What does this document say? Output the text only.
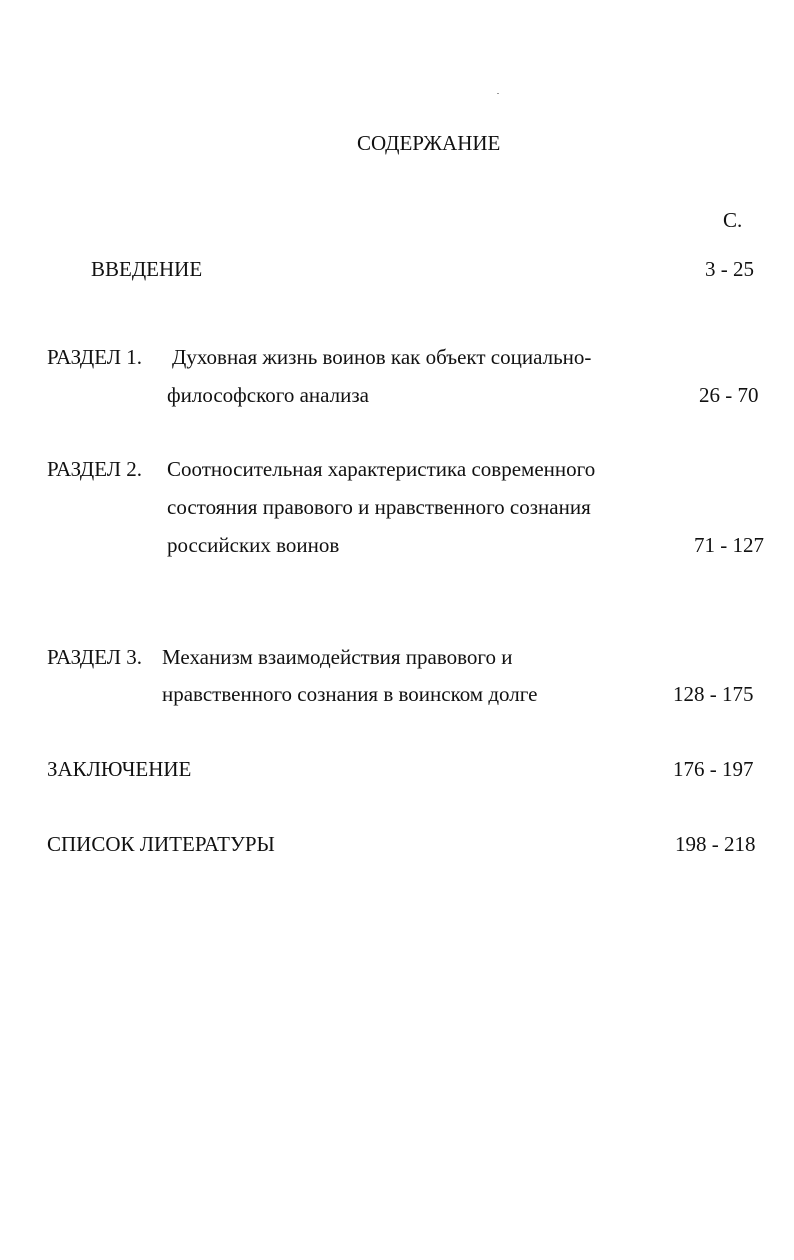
СОДЕРЖАНИЕ
С.
ВВЕДЕНИЕ	3 - 25
РАЗДЕЛ 1. Духовная жизнь воинов как объект социально-
философского анализа	26 - 70
РАЗДЕЛ 2. Соотносительная характеристика современного
состояния правового и нравственного сознания
российских воинов	71 - 127
РАЗДЕЛ 3. Механизм взаимодействия правового и
нравственного сознания в воинском долге	128 - 175
ЗАКЛЮЧЕНИЕ	176 - 197
СПИСОК ЛИТЕРАТУРЫ	198 - 218
